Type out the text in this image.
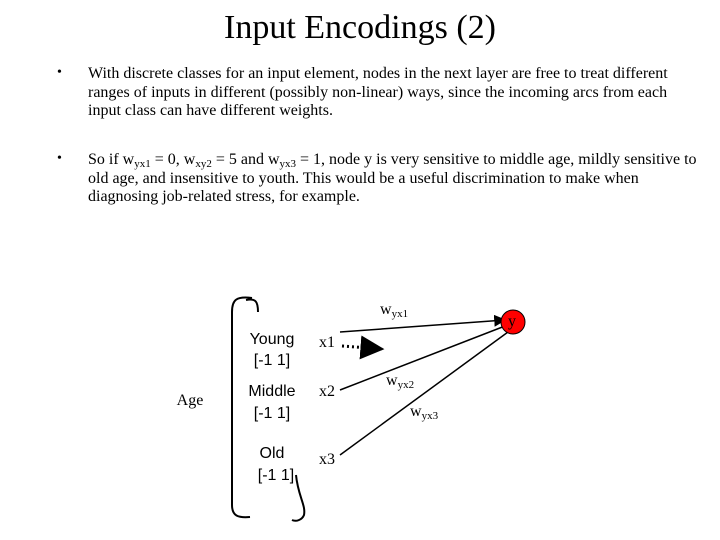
Input Encodings (2)
• With discrete classes for an input element, nodes in the next layer are free to treat different ranges of inputs in different (possibly non-linear) ways, since the incoming arcs from each input class can have different weights.
• So if $w_{yx1} = 0$, $w_{xy2} = 5$ and $w_{yx3} = 1$, node y is very sensitive to middle age, mildly sensitive to old age, and insensitive to youth. This would be a useful discrimination to make when diagnosing job-related stress, for example.
Age
Young
[-1 1]
Middle
[-1 1]
Old
[-1 1]
x1
x2
x3
y
$w_{yx1}$
$w_{yx2}$
$w_{yx3}$
